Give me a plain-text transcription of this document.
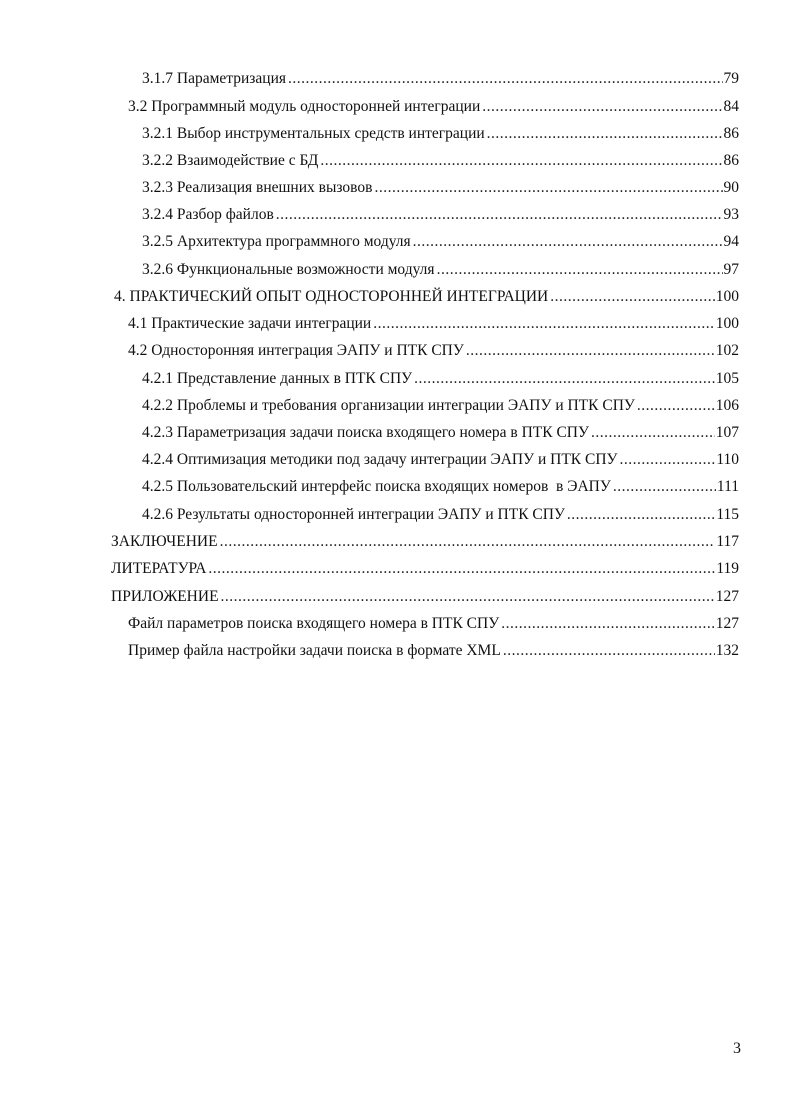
3.1.7 Параметризация .....	79
3.2 Программный модуль односторонней интеграции .....	84
3.2.1 Выбор инструментальных средств интеграции .....	86
3.2.2 Взаимодействие с БД .....	86
3.2.3 Реализация внешних вызовов .....	90
3.2.4 Разбор файлов .....	93
3.2.5 Архитектура программного модуля .....	94
3.2.6 Функциональные возможности модуля .....	97
4. ПРАКТИЧЕСКИЙ ОПЫТ ОДНОСТОРОННЕЙ ИНТЕГРАЦИИ .....	100
4.1 Практические задачи интеграции .....	100
4.2 Односторонняя интеграция ЭАПУ и ПТК СПУ .....	102
4.2.1 Представление данных в ПТК СПУ .....	105
4.2.2 Проблемы и требования организации интеграции ЭАПУ и ПТК СПУ .....	106
4.2.3 Параметризация задачи поиска входящего номера в ПТК СПУ .....	107
4.2.4 Оптимизация методики под задачу интеграции ЭАПУ и ПТК СПУ .....	110
4.2.5 Пользовательский интерфейс поиска входящих номеров  в ЭАПУ .....	111
4.2.6 Результаты односторонней интеграции ЭАПУ и ПТК СПУ .....	115
ЗАКЛЮЧЕНИЕ .....	117
ЛИТЕРАТУРА .....	119
ПРИЛОЖЕНИЕ .....	127
Файл параметров поиска входящего номера в ПТК СПУ .....	127
Пример файла настройки задачи поиска в формате XML .....	132
3
